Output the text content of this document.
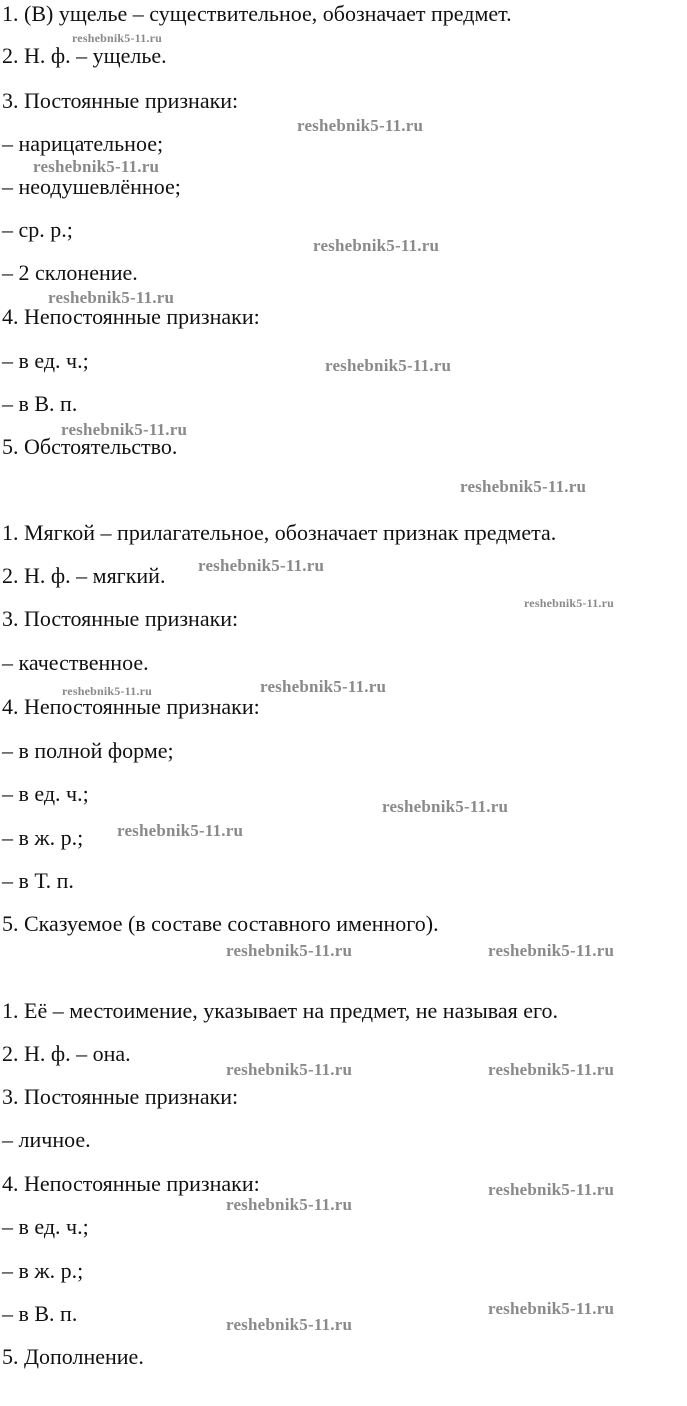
1. (В) ущелье – существительное, обозначает предмет.
2. Н. ф. – ущелье.
3. Постоянные признаки:
– нарицательное;
– неодушевлённое;
– ср. р.;
– 2 склонение.
4. Непостоянные признаки:
– в ед. ч.;
– в В. п.
5. Обстоятельство.
1. Мягкой – прилагательное, обозначает признак предмета.
2. Н. ф. – мягкий.
3. Постоянные признаки:
– качественное.
4. Непостоянные признаки:
– в полной форме;
– в ед. ч.;
– в ж. р.;
– в Т. п.
5. Сказуемое (в составе составного именного).
1. Её – местоимение, указывает на предмет, не называя его.
2. Н. ф. – она.
3. Постоянные признаки:
– личное.
4. Непостоянные признаки:
– в ед. ч.;
– в ж. р.;
– в В. п.
5. Дополнение.
reshebnik5-11.ru
reshebnik5-11.ru
reshebnik5-11.ru
reshebnik5-11.ru
reshebnik5-11.ru
reshebnik5-11.ru
reshebnik5-11.ru
reshebnik5-11.ru
reshebnik5-11.ru
reshebnik5-11.ru
reshebnik5-11.ru	reshebnik5-11.ru
reshebnik5-11.ru
reshebnik5-11.ru
reshebnik5-11.ru	reshebnik5-11.ru
reshebnik5-11.ru	reshebnik5-11.ru
reshebnik5-11.ru
reshebnik5-11.ru
reshebnik5-11.ru
reshebnik5-11.ru
